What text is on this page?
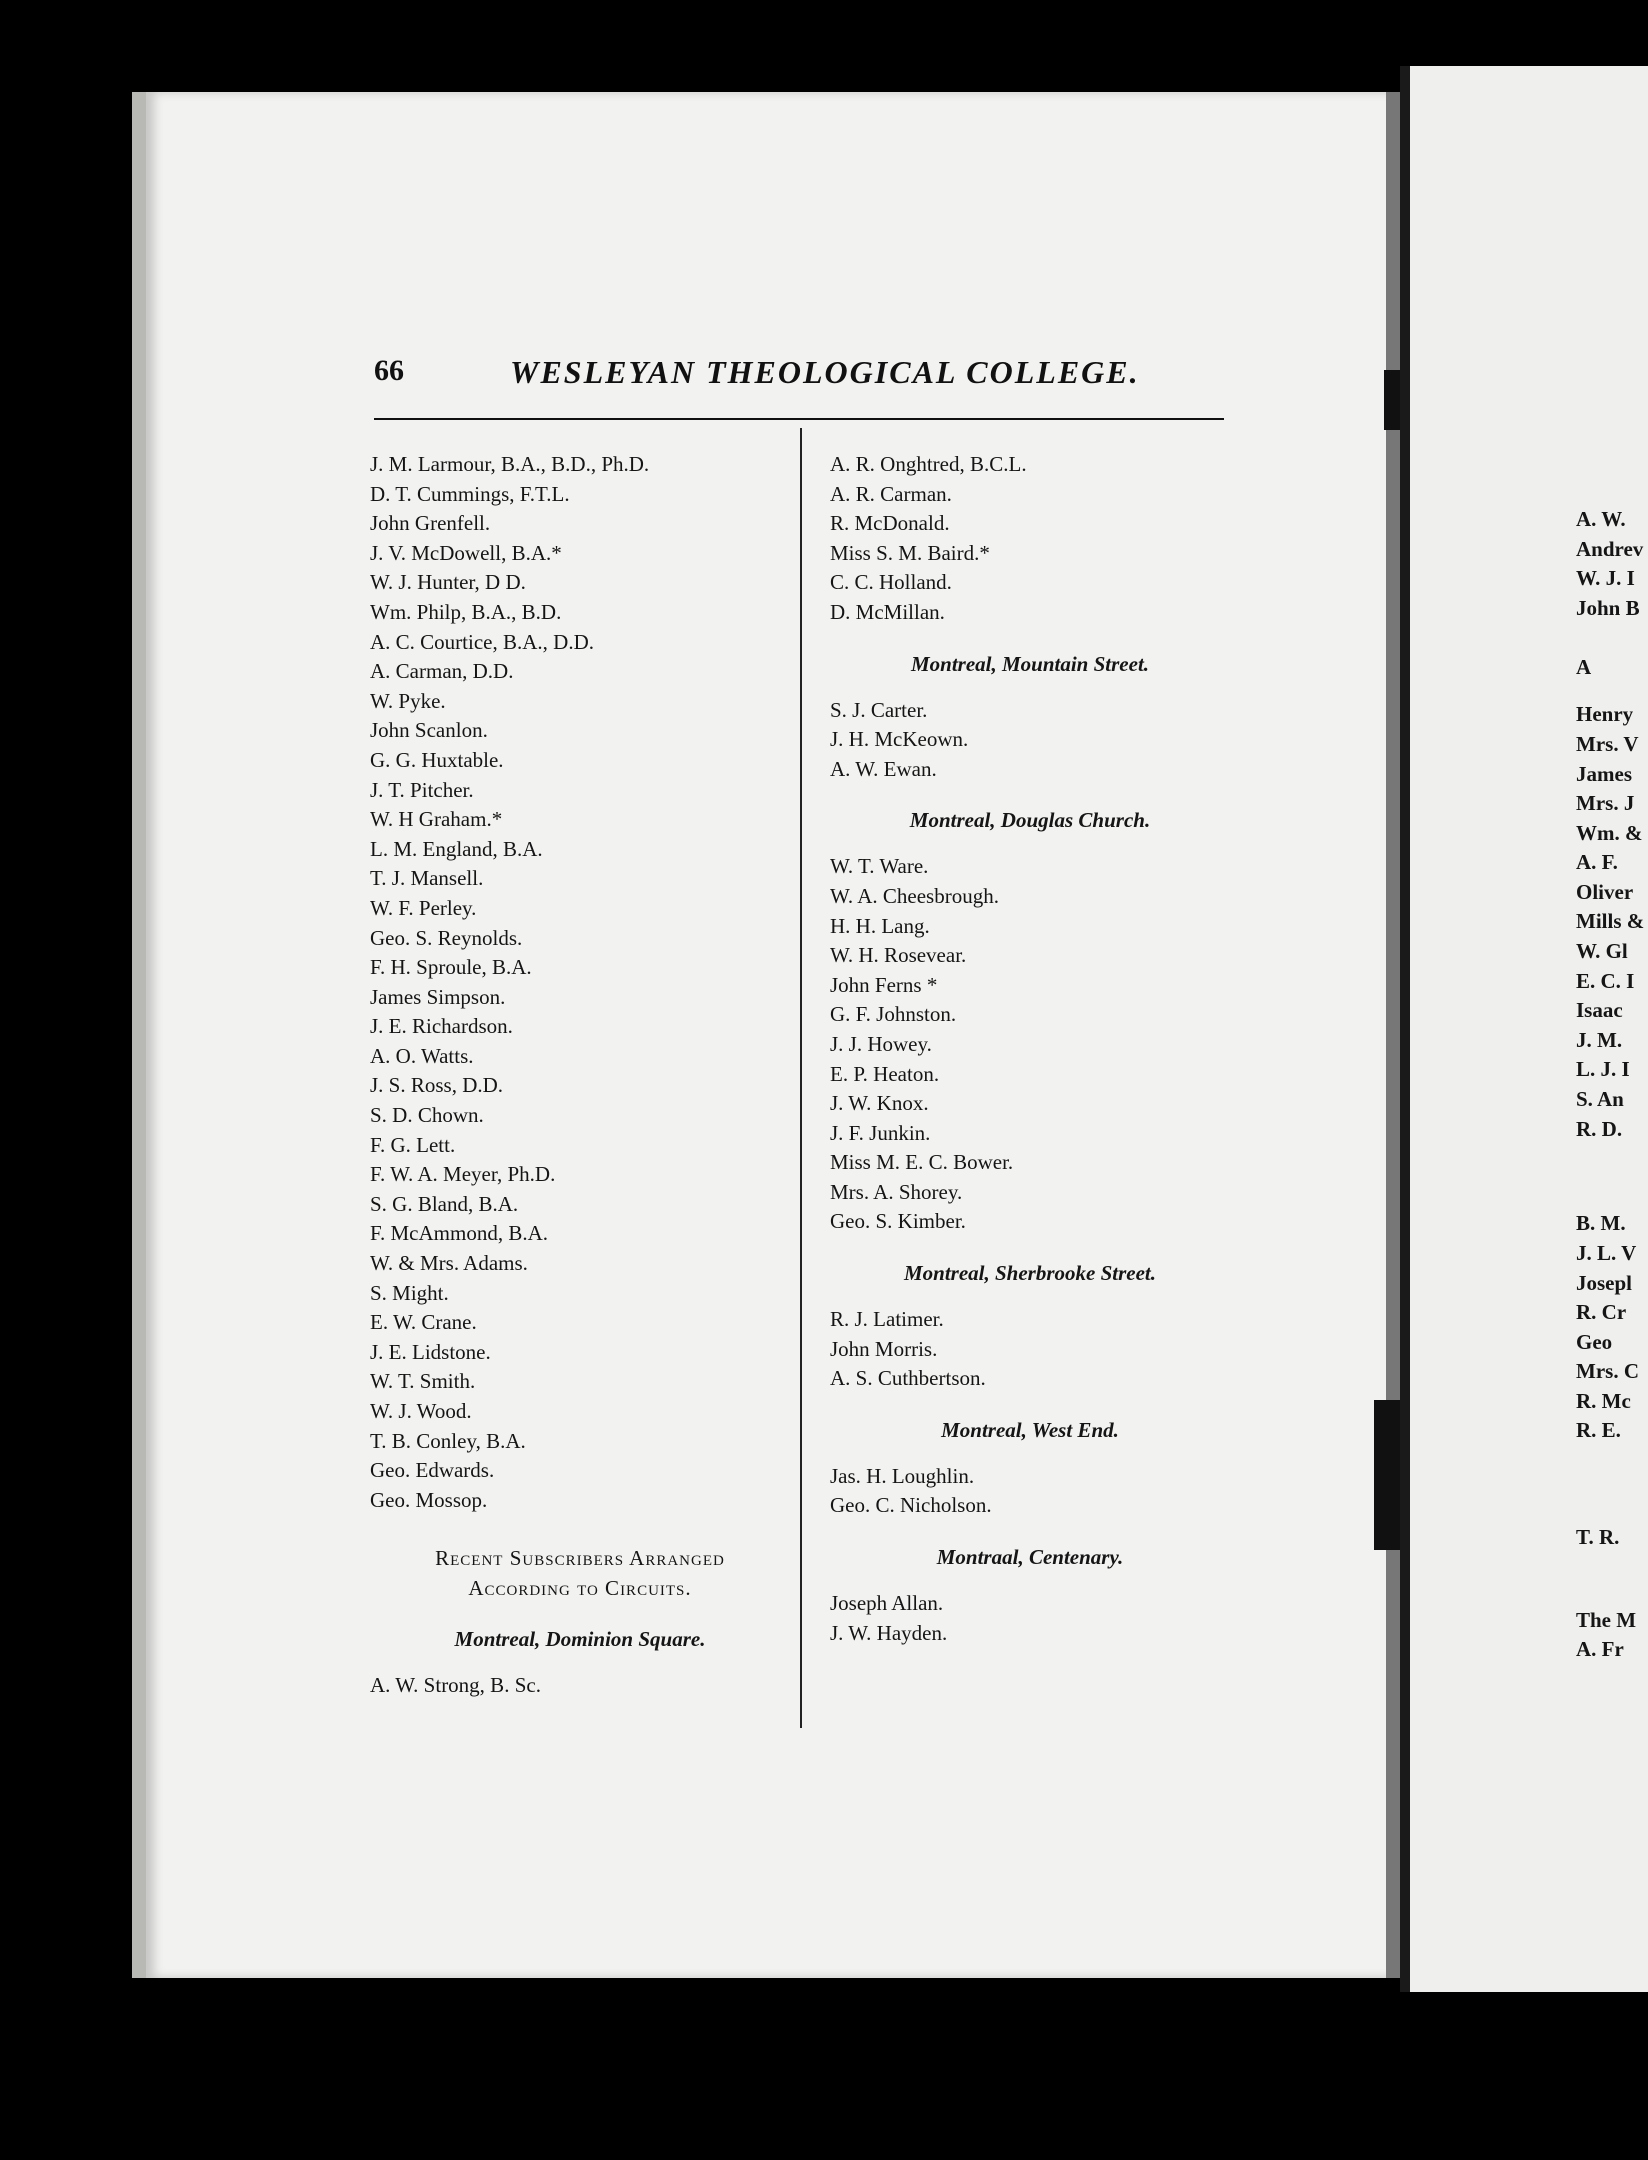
66	WESLEYAN THEOLOGICAL COLLEGE.
J. M. Larmour, B.A., B.D., Ph.D.
D. T. Cummings, F.T.L.
John Grenfell.
J. V. McDowell, B.A.*
W. J. Hunter, D D.
Wm. Philp, B.A., B.D.
A. C. Courtice, B.A., D.D.
A. Carman, D.D.
W. Pyke.
John Scanlon.
G. G. Huxtable.
J. T. Pitcher.
W. H Graham.*
L. M. England, B.A.
T. J. Mansell.
W. F. Perley.
Geo. S. Reynolds.
F. H. Sproule, B.A.
James Simpson.
J. E. Richardson.
A. O. Watts.
J. S. Ross, D.D.
S. D. Chown.
F. G. Lett.
F. W. A. Meyer, Ph.D.
S. G. Bland, B.A.
F. McAmmond, B.A.
W. & Mrs. Adams.
S. Might.
E. W. Crane.
J. E. Lidstone.
W. T. Smith.
W. J. Wood.
T. B. Conley, B.A.
Geo. Edwards.
Geo. Mossop.
Recent Subscribers Arranged
According to Circuits.
Montreal, Dominion Square.
A. W. Strong, B. Sc.
A. R. Onghtred, B.C.L.
A. R. Carman.
R. McDonald.
Miss S. M. Baird.*
C. C. Holland.
D. McMillan.
Montreal, Mountain Street.
S. J. Carter.
J. H. McKeown.
A. W. Ewan.
Montreal, Douglas Church.
W. T. Ware.
W. A. Cheesbrough.
H. H. Lang.
W. H. Rosevear.
John Ferns *
G. F. Johnston.
J. J. Howey.
E. P. Heaton.
J. W. Knox.
J. F. Junkin.
Miss M. E. C. Bower.
Mrs. A. Shorey.
Geo. S. Kimber.
Montreal, Sherbrooke Street.
R. J. Latimer.
John Morris.
A. S. Cuthbertson.
Montreal, West End.
Jas. H. Loughlin.
Geo. C. Nicholson.
Montraal, Centenary.
Joseph Allan.
J. W. Hayden.
A. W.
Andrev
W. J. I
John B
A
Henry
Mrs. V
James
Mrs. J
Wm. &
A. F.
Oliver
Mills &
W. Gl
E. C. I
Isaac
J. M.
L. J. I
S. An
R. D.
B. M.
J. L. V
Josepl
R. Cr
Geo
Mrs. C
R. Mc
R. E.
T. R.
The M
A. Fr
